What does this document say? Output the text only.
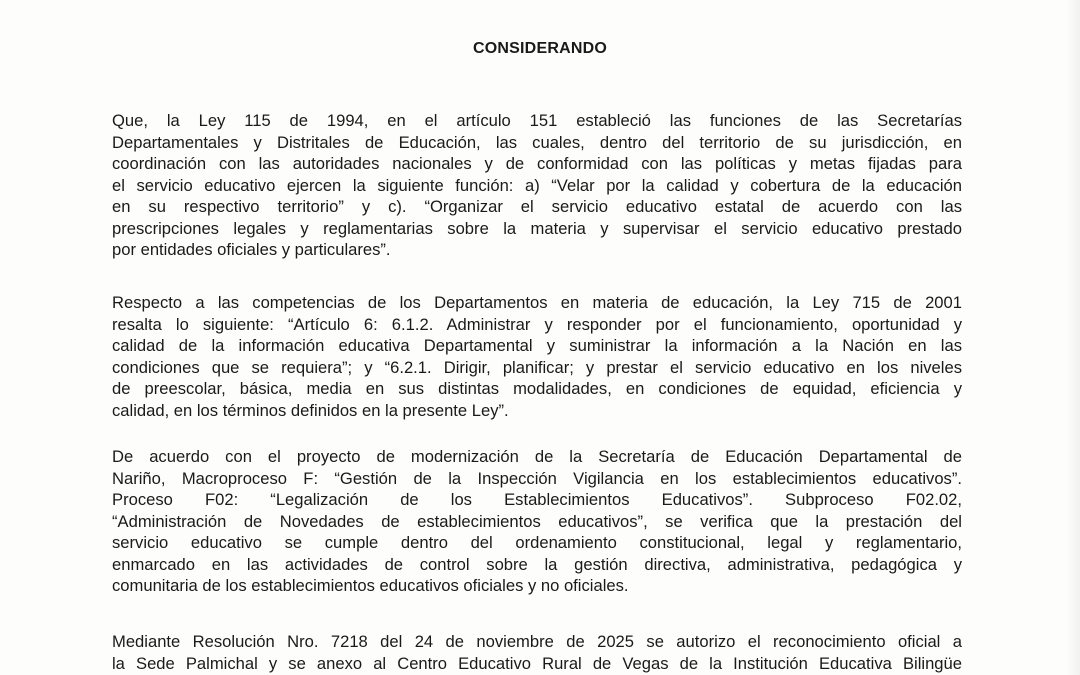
CONSIDERANDO
Que, la Ley 115 de 1994, en el artículo 151 estableció las funciones de las Secretarías
Departamentales y Distritales de Educación, las cuales, dentro del territorio de su jurisdicción, en
coordinación con las autoridades nacionales y de conformidad con las políticas y metas fijadas para
el servicio educativo ejercen la siguiente función: a) “Velar por la calidad y cobertura de la educación
en su respectivo territorio” y c). “Organizar el servicio educativo estatal de acuerdo con las
prescripciones legales y reglamentarias sobre la materia y supervisar el servicio educativo prestado
por entidades oficiales y particulares”.
Respecto a las competencias de los Departamentos en materia de educación, la Ley 715 de 2001
resalta lo siguiente: “Artículo 6: 6.1.2. Administrar y responder por el funcionamiento, oportunidad y
calidad de la información educativa Departamental y suministrar la información a la Nación en las
condiciones que se requiera”; y “6.2.1. Dirigir, planificar; y prestar el servicio educativo en los niveles
de preescolar, básica, media en sus distintas modalidades, en condiciones de equidad, eficiencia y
calidad, en los términos definidos en la presente Ley”.
De acuerdo con el proyecto de modernización de la Secretaría de Educación Departamental de
Nariño, Macroproceso F: “Gestión de la Inspección Vigilancia en los establecimientos educativos”.
Proceso F02: “Legalización de los Establecimientos Educativos”. Subproceso F02.02,
“Administración de Novedades de establecimientos educativos”, se verifica que la prestación del
servicio educativo se cumple dentro del ordenamiento constitucional, legal y reglamentario,
enmarcado en las actividades de control sobre la gestión directiva, administrativa, pedagógica y
comunitaria de los establecimientos educativos oficiales y no oficiales.
Mediante Resolución Nro. 7218 del 24 de noviembre de 2025 se autorizo el reconocimiento oficial a
la Sede Palmichal y se anexo al Centro Educativo Rural de Vegas de la Institución Educativa Bilingüe
